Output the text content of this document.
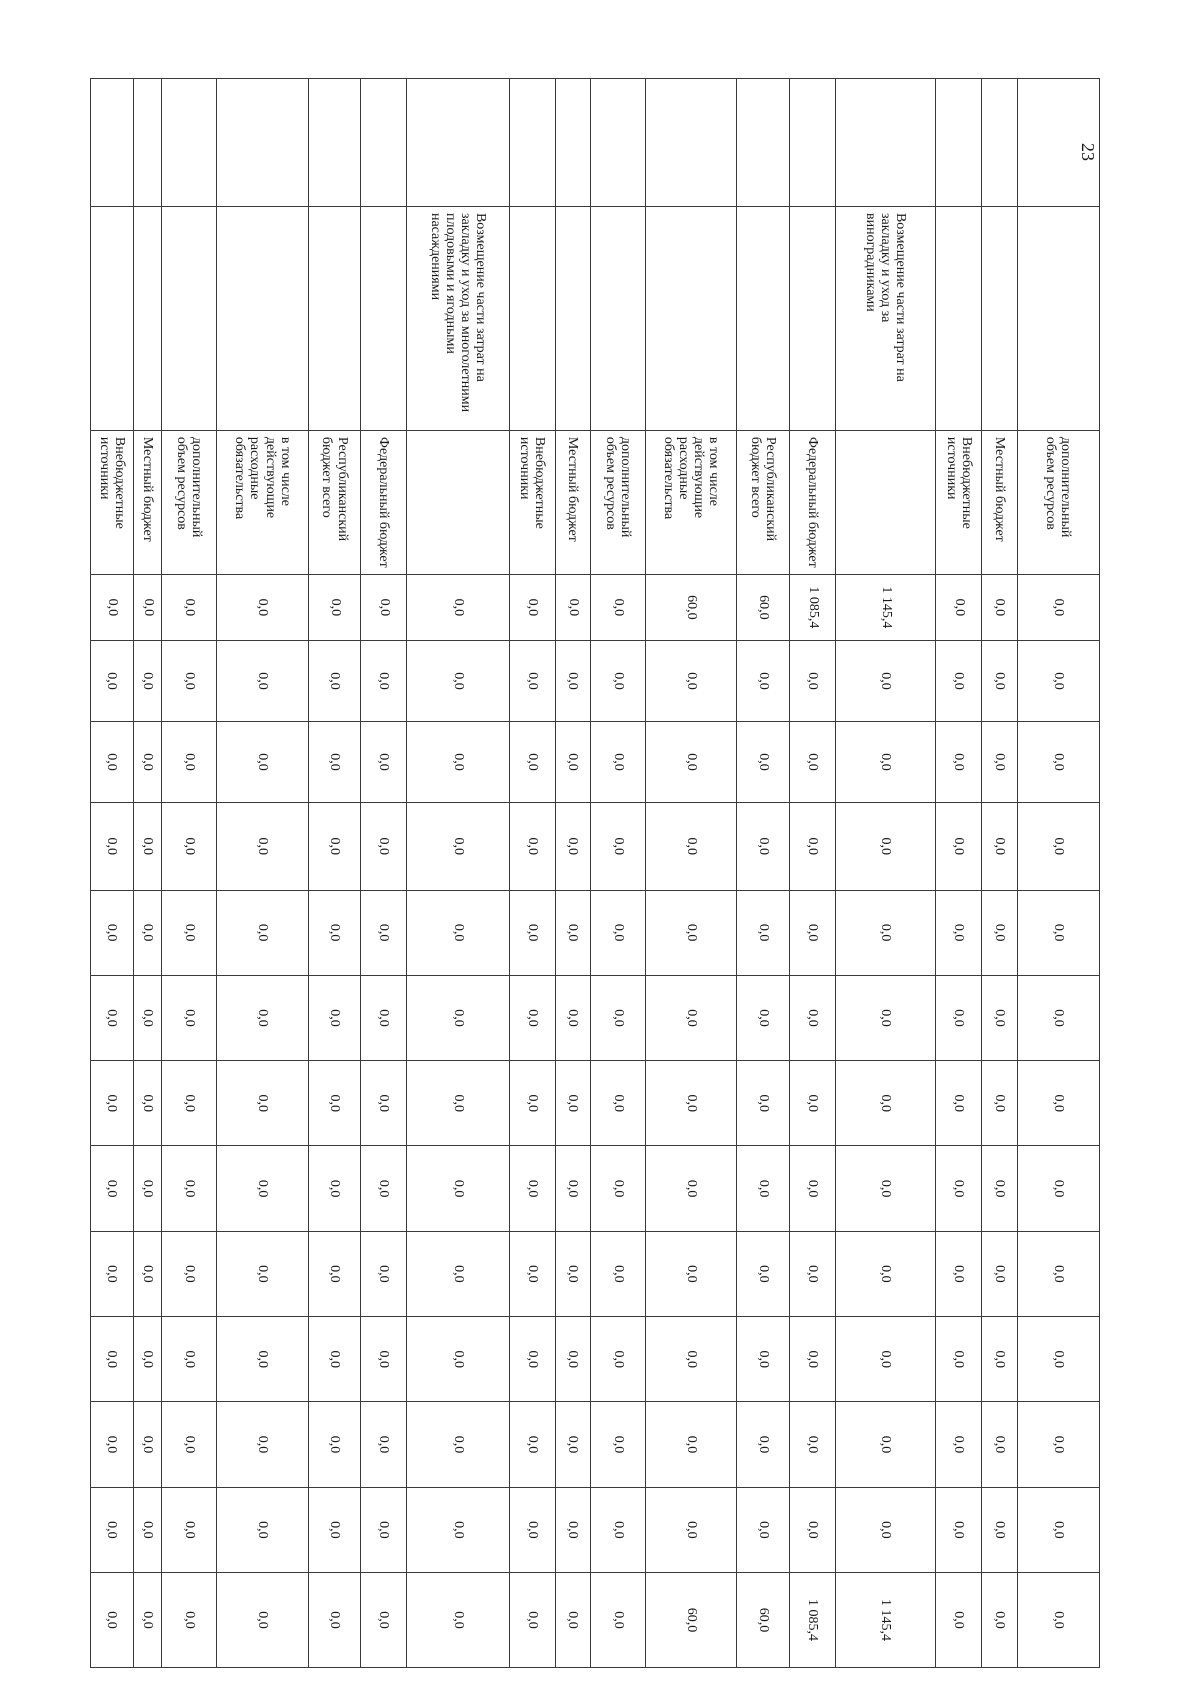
		дополнительный объем ресурсов	0,0	0,0	0,0	0,0	0,0	0,0	0,0	0,0	0,0	0,0	0,0	0,0	0,0
		Местный бюджет	0,0	0,0	0,0	0,0	0,0	0,0	0,0	0,0	0,0	0,0	0,0	0,0	0,0
		Внебюджетные источники	0,0	0,0	0,0	0,0	0,0	0,0	0,0	0,0	0,0	0,0	0,0	0,0	0,0
	Возмещение части затрат на закладку и уход за виноградниками		1 145,4	0,0	0,0	0,0	0,0	0,0	0,0	0,0	0,0	0,0	0,0	0,0	1 145,4
		Федеральный бюджет	1 085,4	0,0	0,0	0,0	0,0	0,0	0,0	0,0	0,0	0,0	0,0	0,0	1 085,4
		Республиканский бюджет всего	60,0	0,0	0,0	0,0	0,0	0,0	0,0	0,0	0,0	0,0	0,0	0,0	60,0
		в том числе действующие расходные обязательства	60,0	0,0	0,0	0,0	0,0	0,0	0,0	0,0	0,0	0,0	0,0	0,0	60,0
		дополнительный объем ресурсов	0,0	0,0	0,0	0,0	0,0	0,0	0,0	0,0	0,0	0,0	0,0	0,0	0,0
		Местный бюджет	0,0	0,0	0,0	0,0	0,0	0,0	0,0	0,0	0,0	0,0	0,0	0,0	0,0
		Внебюджетные источники	0,0	0,0	0,0	0,0	0,0	0,0	0,0	0,0	0,0	0,0	0,0	0,0	0,0
	Возмещение части затрат на закладку и уход за многолетними плодовыми и ягодными насаждениями		0,0	0,0	0,0	0,0	0,0	0,0	0,0	0,0	0,0	0,0	0,0	0,0	0,0
		Федеральный бюджет	0,0	0,0	0,0	0,0	0,0	0,0	0,0	0,0	0,0	0,0	0,0	0,0	0,0
		Республиканский бюджет всего	0,0	0,0	0,0	0,0	0,0	0,0	0,0	0,0	0,0	0,0	0,0	0,0	0,0
		в том числе действующие расходные обязательства	0,0	0,0	0,0	0,0	0,0	0,0	0,0	0,0	0,0	0,0	0,0	0,0	0,0
		дополнительный объем ресурсов	0,0	0,0	0,0	0,0	0,0	0,0	0,0	0,0	0,0	0,0	0,0	0,0	0,0
		Местный бюджет	0,0	0,0	0,0	0,0	0,0	0,0	0,0	0,0	0,0	0,0	0,0	0,0	0,0
		Внебюджетные источники	0,0	0,0	0,0	0,0	0,0	0,0	0,0	0,0	0,0	0,0	0,0	0,0	0,0
23
